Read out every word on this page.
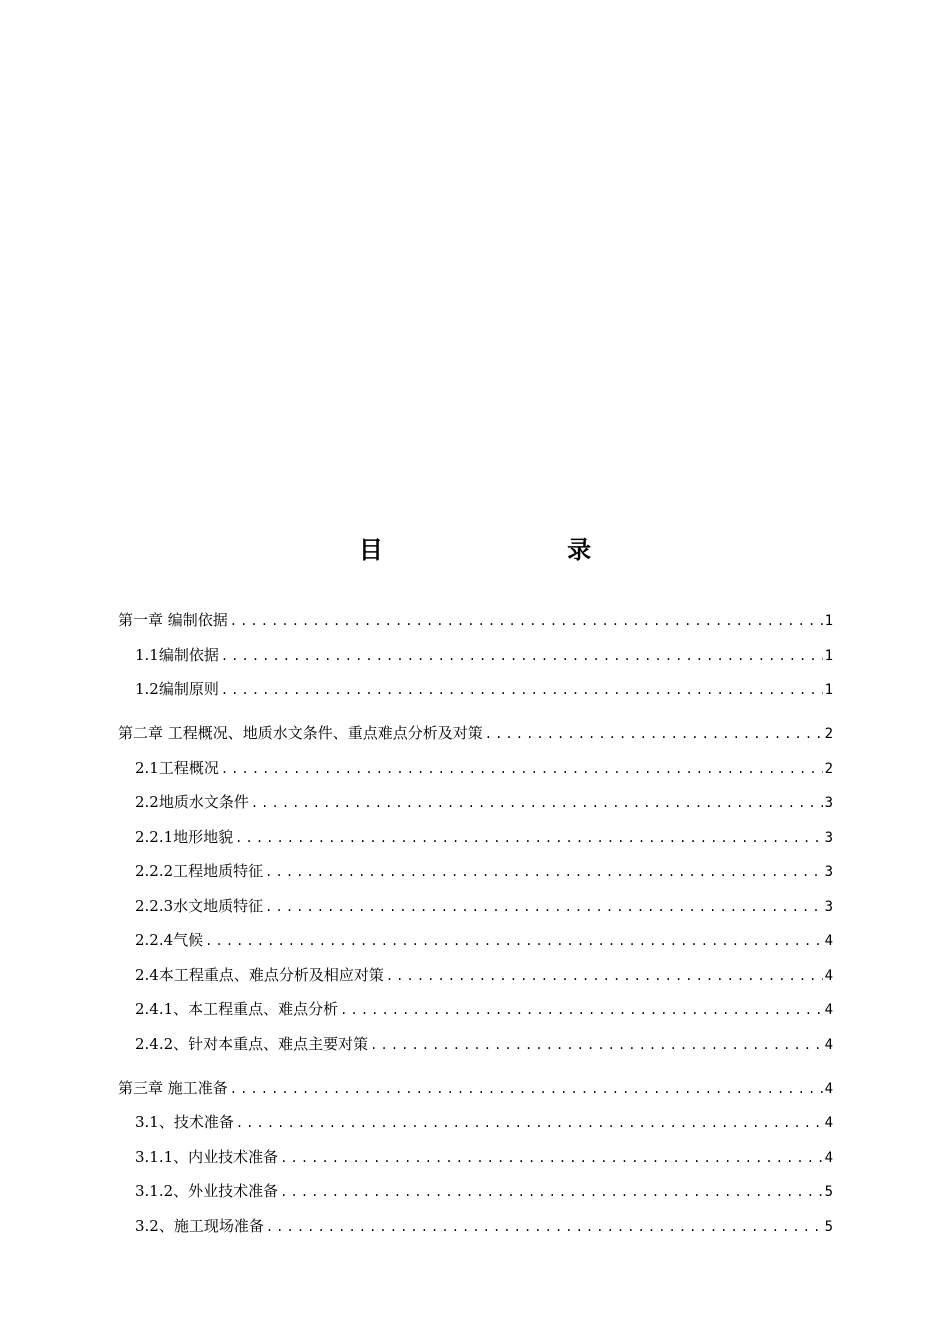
目 录
第一章 编制依据 .....	1
1.1编制依据 .....	1
1.2编制原则 .....	1
第二章 工程概况、地质水文条件、重点难点分析及对策 .....	2
2.1工程概况 .....	2
2.2地质水文条件 .....	3
2.2.1地形地貌 .....	3
2.2.2工程地质特征 .....	3
2.2.3水文地质特征 .....	3
2.2.4气候 .....	4
2.4本工程重点、难点分析及相应对策 .....	4
2.4.1、本工程重点、难点分析 .....	4
2.4.2、针对本重点、难点主要对策 .....	4
第三章 施工准备 .....	4
3.1、技术准备 .....	4
3.1.1、内业技术准备 .....	4
3.1.2、外业技术准备 .....	5
3.2、施工现场准备 .....	5
